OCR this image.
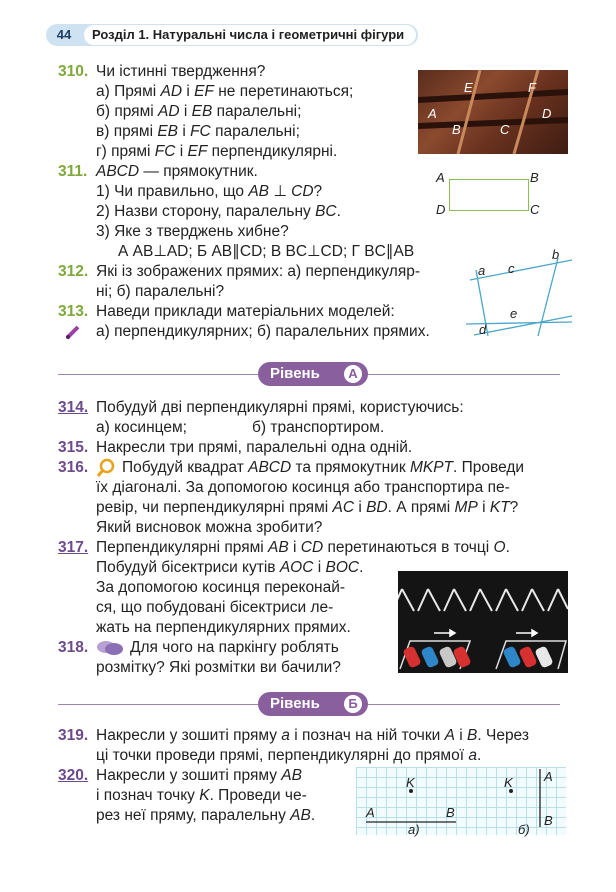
44	Розділ 1. Натуральні числа і геометричні фігури
310. Чи істинні твердження?
а) Прямі AD і EF не перетинаються;
б) прямі AD і EB паралельні;
в) прямі EB і FC паралельні;
г) прямі FC і EF перпендикулярні.
E	F
A	D
B	C
311. ABCD — прямокутник.
1) Чи правильно, що AB ⊥ CD?
2) Назви сторону, паралельну BC.
3) Яке з тверджень хибне?
А AB⊥AD; Б AB∥CD; В BC⊥CD; Г BC∥AB
A	B
C
D
312. Які із зображених прямих: а) перпендикуляр-
ні; б) паралельні?
a
b
c
d
e
313. Наведи приклади матеріальних моделей:
а) перпендикулярних; б) паралельних прямих.
Рівень	А
314. Побудуй дві перпендикулярні прямі, користуючись:
а) косинцем;	б) транспортиром.
315. Накресли три прямі, паралельні одна одній.
316. Побудуй квадрат ABCD та прямокутник MKPT. Проведи
їх діагоналі. За допомогою косинця або транспортира пе-
ревір, чи перпендикулярні прямі AC і BD. А прямі MP і KT?
Який висновок можна зробити?
317. Перпендикулярні прямі AB і CD перетинаються в точці O.
Побудуй бісектриси кутів AOC і BOC.
За допомогою косинця переконай-
ся, що побудовані бісектриси ле-
жать на перпендикулярних прямих.
318.	Для чого на паркінгу роблять
розмітку? Які розмітки ви бачили?
Рівень	Б
319. Накресли у зошиті пряму a і познач на ній точки A і B. Через
ці точки проведи прямі, перпендикулярні до прямої a.
320. Накресли у зошиті пряму AB
і познач точку K. Проведи че-
рез неї пряму, паралельну AB.
K
A	B
а)
K A
B
б)
